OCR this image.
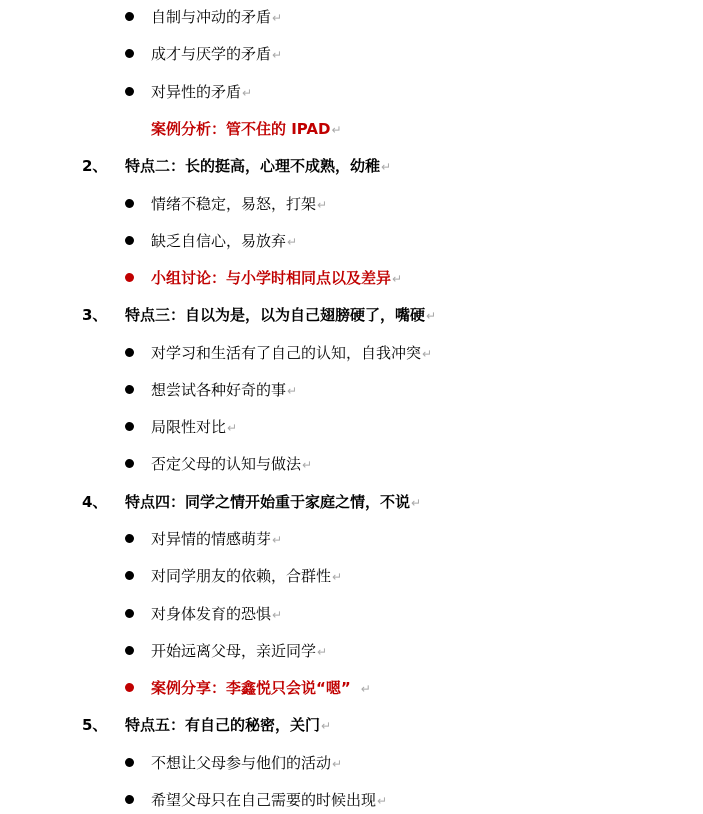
自制与冲动的矛盾↵
成才与厌学的矛盾↵
对异性的矛盾↵
案例分析：管不住的 IPAD↵
2、 特点二：长的挺高，心理不成熟，幼稚↵
情绪不稳定，易怒，打架↵
缺乏自信心，易放弃↵
小组讨论：与小学时相同点以及差异↵
3、 特点三：自以为是，以为自己翅膀硬了，嘴硬↵
对学习和生活有了自己的认知，自我冲突↵
想尝试各种好奇的事↵
局限性对比↵
否定父母的认知与做法↵
4、 特点四：同学之情开始重于家庭之情，不说↵
对异情的情感萌芽↵
对同学朋友的依赖，合群性↵
对身体发育的恐惧↵
开始远离父母，亲近同学↵
案例分享：李鑫悦只会说“嗯” ↵
5、 特点五：有自己的秘密，关门↵
不想让父母参与他们的活动↵
希望父母只在自己需要的时候出现↵
